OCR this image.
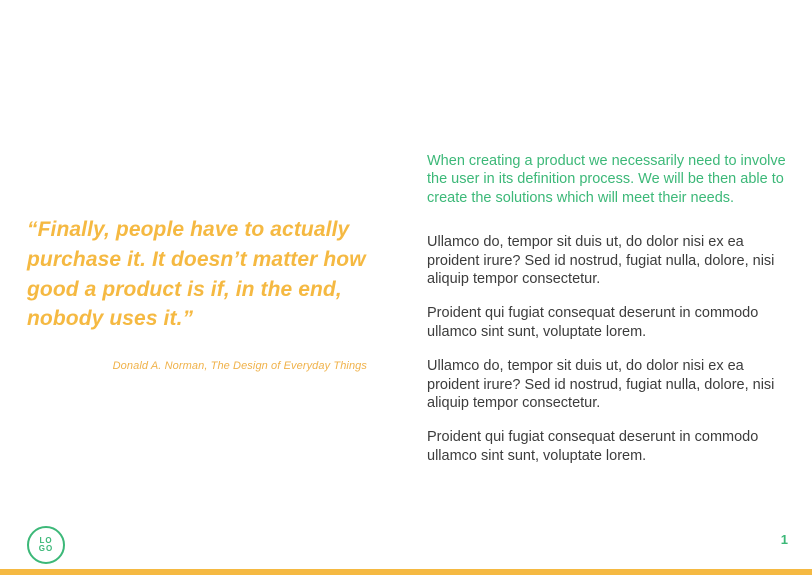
“Finally, people have to actually purchase it. It doesn’t matter how good a product is if, in the end, nobody uses it.”

Donald A. Norman, The Design of Everyday Things

When creating a product we necessarily need to involve the user in its definition process. We will be then able to create the solutions which will meet their needs.

Ullamco do, tempor sit duis ut, do dolor nisi ex ea proident irure? Sed id nostrud, fugiat nulla, dolore, nisi aliquip tempor consectetur.

Proident qui fugiat consequat deserunt in commodo ullamco sint sunt, voluptate lorem.

Ullamco do, tempor sit duis ut, do dolor nisi ex ea proident irure? Sed id nostrud, fugiat nulla, dolore, nisi aliquip tempor consectetur.

Proident qui fugiat consequat deserunt in commodo ullamco sint sunt, voluptate lorem.

LO
GO
1
